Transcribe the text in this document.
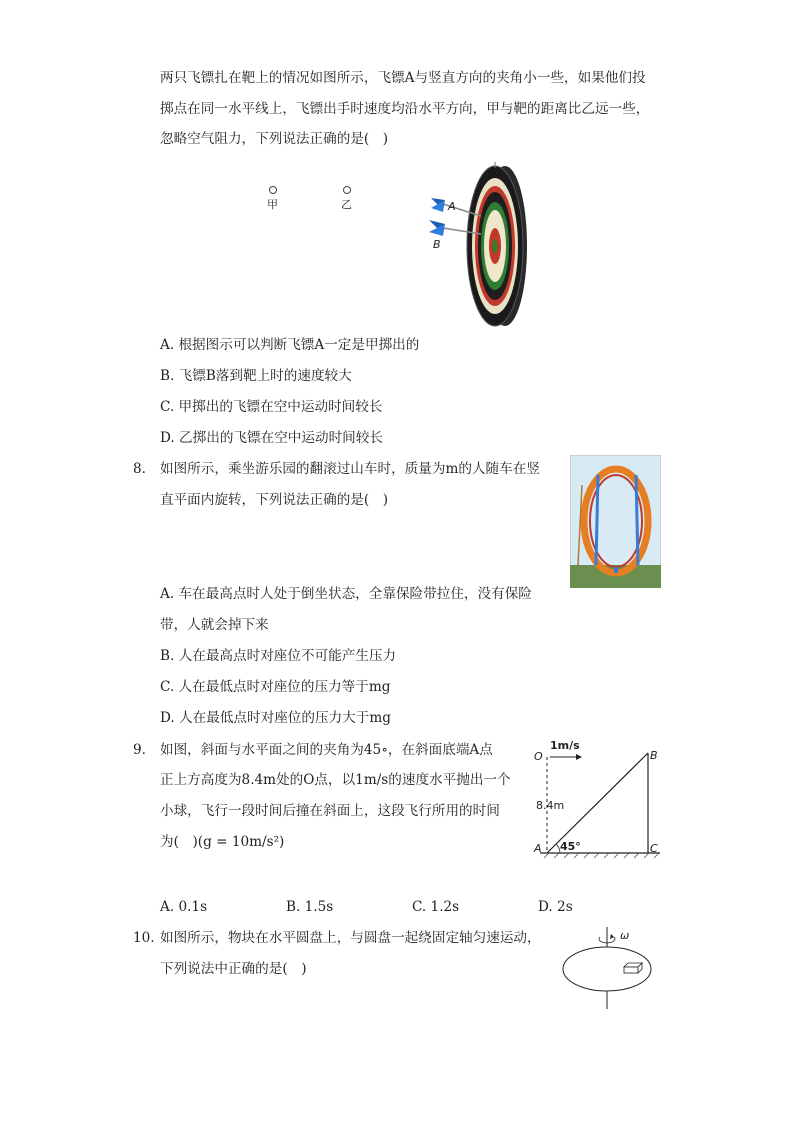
两只飞镖扎在靶上的情况如图所示，飞镖A与竖直方向的夹角小一些，如果他们投
掷点在同一水平线上，飞镖出手时速度均沿水平方向，甲与靶的距离比乙远一些，
忽略空气阻力，下列说法正确的是(　)
甲	乙	A
B
A. 根据图示可以判断飞镖A一定是甲掷出的
B. 飞镖B落到靶上时的速度较大
C. 甲掷出的飞镖在空中运动时间较长
D. 乙掷出的飞镖在空中运动时间较长
8. 如图所示，乘坐游乐园的翻滚过山车时，质量为m的人随车在竖
直平面内旋转，下列说法正确的是(　)
A. 车在最高点时人处于倒坐状态，全靠保险带拉住，没有保险
带，人就会掉下来
B. 人在最高点时对座位不可能产生压力
C. 人在最低点时对座位的压力等于mg
D. 人在最低点时对座位的压力大于mg
9. 如图，斜面与水平面之间的夹角为45∘，在斜面底端A点
正上方高度为8.4m处的O点，以1m/s的速度水平抛出一个
小球，飞行一段时间后撞在斜面上，这段飞行所用的时间
为(　)(g = 10m/s²)
O
1m/s
8.4m
A
B
C
45°
A. 0.1s	B. 1.5s	C. 1.2s	D. 2s
10. 如图所示，物块在水平圆盘上，与圆盘一起绕固定轴匀速运动，
下列说法中正确的是(　)
ω
